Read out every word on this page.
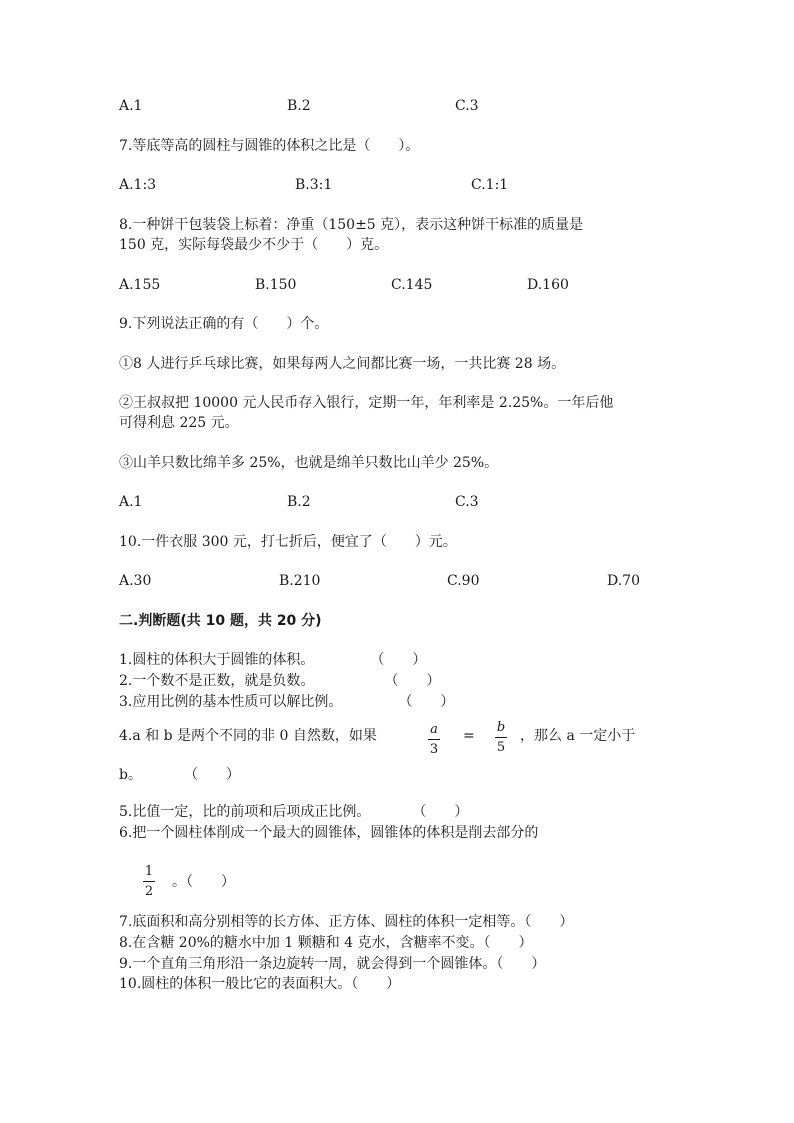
A.1	B.2	C.3
7.等底等高的圆柱与圆锥的体积之比是（　　）。
A.1:3	B.3:1	C.1:1
8.一种饼干包装袋上标着：净重（150±5 克），表示这种饼干标准的质量是
150 克，实际每袋最少不少于（　　）克。
A.155	B.150	C.145	D.160
9.下列说法正确的有（　　）个。
①8 人进行乒乓球比赛，如果每两人之间都比赛一场，一共比赛 28 场。
②王叔叔把 10000 元人民币存入银行，定期一年，年利率是 2.25%。一年后他
可得利息 225 元。
③山羊只数比绵羊多 25%，也就是绵羊只数比山羊少 25%。
A.1	B.2	C.3
10.一件衣服 300 元，打七折后，便宜了（　　）元。
A.30	B.210	C.90	D.70
二.判断题(共 10 题，共 20 分)
1.圆柱的体积大于圆锥的体积。　　　　　（　　）
2.一个数不是正数，就是负数。　　　　　　（　　）
3.应用比例的基本性质可以解比例。　　　　　（　　）
4.a 和 b 是两个不同的非 0 自然数，如果	a
3
=
b
5
，那么 a 一定小于
b。　　　　（　　）
5.比值一定，比的前项和后项成正比例。　　　　（　　）
6.把一个圆柱体削成一个最大的圆锥体，圆锥体的体积是削去部分的
1
2
。（　　）
7.底面积和高分别相等的长方体、正方体、圆柱的体积一定相等。（　　）
8.在含糖 20%的糖水中加 1 颗糖和 4 克水，含糖率不变。（　　）
9.一个直角三角形沿一条边旋转一周，就会得到一个圆锥体。（　　）
10.圆柱的体积一般比它的表面积大。（　　）
